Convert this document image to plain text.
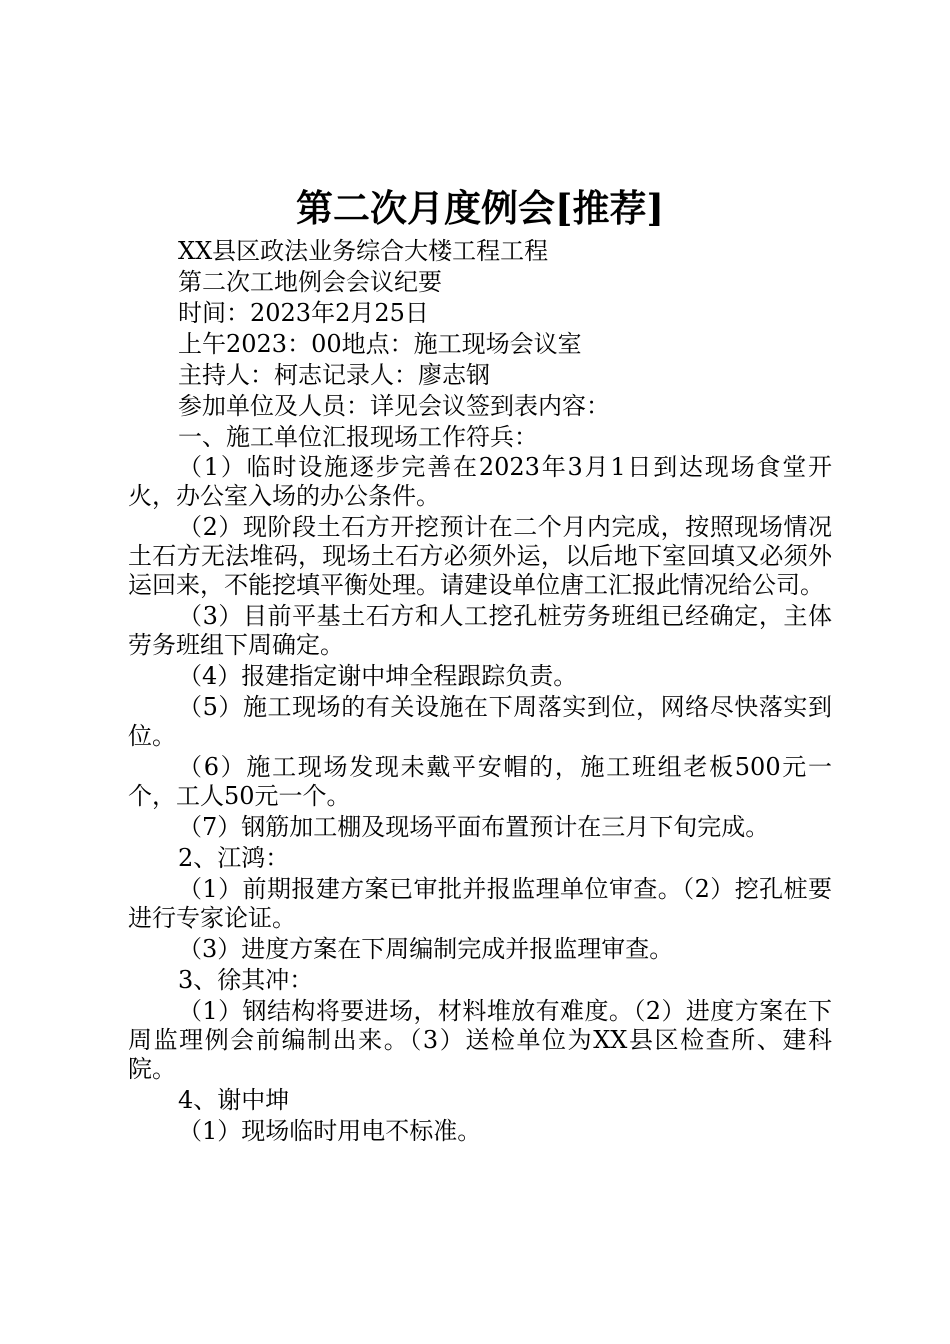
第二次月度例会[推荐]

XX县区政法业务综合大楼工程工程

第二次工地例会会议纪要

时间：2023年2月25日

上午2023：00地点：施工现场会议室

主持人：柯志记录人：廖志钢

参加单位及人员：详见会议签到表内容：

一、施工单位汇报现场工作符兵：

（1）临时设施逐步完善在2023年3月1日到达现场食堂开火，办公室入场的办公条件。

（2）现阶段土石方开挖预计在二个月内完成，按照现场情况土石方无法堆码，现场土石方必须外运，以后地下室回填又必须外运回来，不能挖填平衡处理。请建设单位唐工汇报此情况给公司。

（3）目前平基土石方和人工挖孔桩劳务班组已经确定，主体劳务班组下周确定。

（4）报建指定谢中坤全程跟踪负责。

（5）施工现场的有关设施在下周落实到位，网络尽快落实到位。

（6）施工现场发现未戴平安帽的，施工班组老板500元一个，工人50元一个。

（7）钢筋加工棚及现场平面布置预计在三月下旬完成。

2、江鸿：

（1）前期报建方案已审批并报监理单位审查。（2）挖孔桩要进行专家论证。

（3）进度方案在下周编制完成并报监理审查。

3、徐其冲：

（1）钢结构将要进场，材料堆放有难度。（2）进度方案在下周监理例会前编制出来。（3）送检单位为XX县区检查所、建科院。

4、谢中坤

（1）现场临时用电不标准。
